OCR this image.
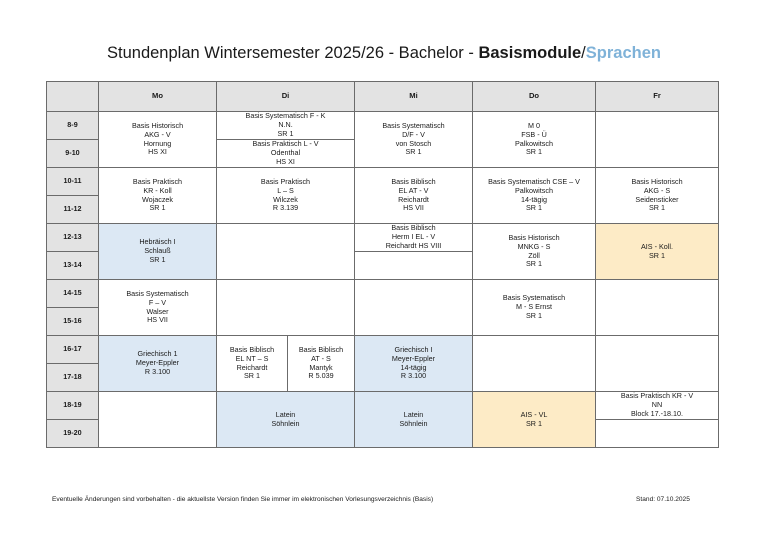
Stundenplan Wintersemester 2025/26 - Bachelor - Basismodule/Sprachen
	Mo	Di		Mi	Do	Fr
8-9	Basis Historisch
AKG - V
Hornung
HS XI	Basis Systematisch F - K
N.N.
SR 1		Basis Systematisch
D/F - V
von Stosch
SR 1	M 0
FSB - Ü
Palkowitsch
SR 1	

9-10		Basis Praktisch L - V
Odenthal
HS XI				

10-11	Basis Praktisch
KR - Koll
Wojaczek
SR 1	Basis Praktisch
L – S
Wilczek
R 3.139		Basis Biblisch
EL AT - V
Reichardt
HS VII	Basis Systematisch CSE – V
Palkowitsch
14-tägig
SR 1	Basis Historisch
AKG - S
Seidensticker
SR 1

11-12						
12-13	Hebräisch I
Schlauß
SR 1			Basis Biblisch
Herm I EL - V
Reichardt HS VIII	Basis Historisch
MNKG - S
Zöll
SR 1	AIS - Koll.
SR 1

13-14						
14-15	Basis Systematisch
F – V
Walser
HS VII				Basis Systematisch
M - S Ernst
SR 1	

15-16						
16-17	Griechisch 1
Meyer-Eppler
R 3.100	Basis Biblisch
EL NT – S
Reichardt
SR 1	Basis Biblisch
AT - S
Mantyk
R 5.039	Griechisch I
Meyer-Eppler
14-tägig
R 3.100		

17-18						
18-19		Latein
Söhnlein		Latein
Söhnlein	AIS - VL
SR 1	Basis Praktisch KR - V
NN
Block 17.-18.10.

19-20						
Eventuelle Änderungen sind vorbehalten - die aktuellste Version finden Sie immer im elektronischen Vorlesungsverzeichnis (Basis)	Stand: 07.10.2025
